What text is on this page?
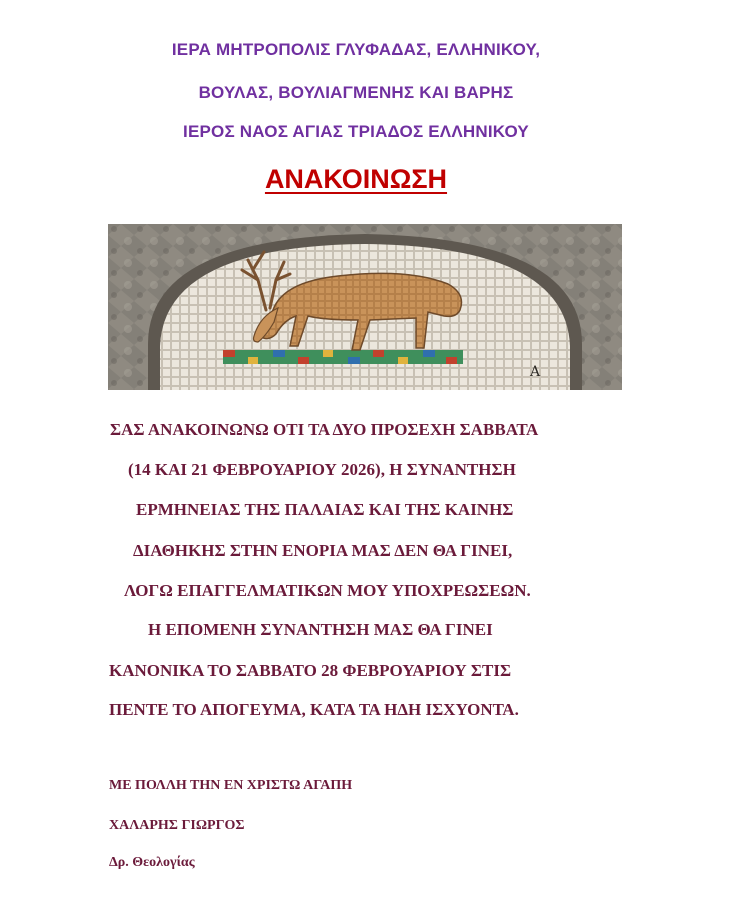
ΙΕΡΑ ΜΗΤΡΟΠΟΛΙΣ ΓΛΥΦΑΔΑΣ, ΕΛΛΗΝΙΚΟΥ,
ΒΟΥΛΑΣ, ΒΟΥΛΙΑΓΜΕΝΗΣ ΚΑΙ ΒΑΡΗΣ
ΙΕΡΟΣ ΝΑΟΣ ΑΓΙΑΣ ΤΡΙΑΔΟΣ ΕΛΛΗΝΙΚΟΥ
ΑΝΑΚΟΙΝΩΣΗ
Α
ΣΑΣ ΑΝΑΚΟΙΝΩΝΩ ΟΤΙ ΤΑ ΔΥΟ ΠΡΟΣΕΧΗ ΣΑΒΒΑΤΑ
(14 ΚΑΙ 21 ΦΕΒΡΟΥΑΡΙΟΥ 2026), Η ΣΥΝΑΝΤΗΣΗ
ΕΡΜΗΝΕΙΑΣ ΤΗΣ ΠΑΛΑΙΑΣ ΚΑΙ ΤΗΣ ΚΑΙΝΗΣ
ΔΙΑΘΗΚΗΣ ΣΤΗΝ ΕΝΟΡΙΑ ΜΑΣ ΔΕΝ ΘΑ ΓΙΝΕΙ,
ΛΟΓΩ ΕΠΑΓΓΕΛΜΑΤΙΚΩΝ ΜΟΥ ΥΠΟΧΡΕΩΣΕΩΝ.
Η ΕΠΟΜΕΝΗ ΣΥΝΑΝΤΗΣΗ ΜΑΣ ΘΑ ΓΙΝΕΙ
ΚΑΝΟΝΙΚΑ ΤΟ ΣΑΒΒΑΤΟ 28 ΦΕΒΡΟΥΑΡΙΟΥ ΣΤΙΣ
ΠΕΝΤΕ ΤΟ ΑΠΟΓΕΥΜΑ, ΚΑΤΑ ΤΑ ΗΔΗ ΙΣΧΥΟΝΤΑ.
ΜΕ ΠΟΛΛΗ ΤΗΝ ΕΝ ΧΡΙΣΤΩ ΑΓΑΠΗ
ΧΑΛΑΡΗΣ ΓΙΩΡΓΟΣ
Δρ. Θεολογίας
